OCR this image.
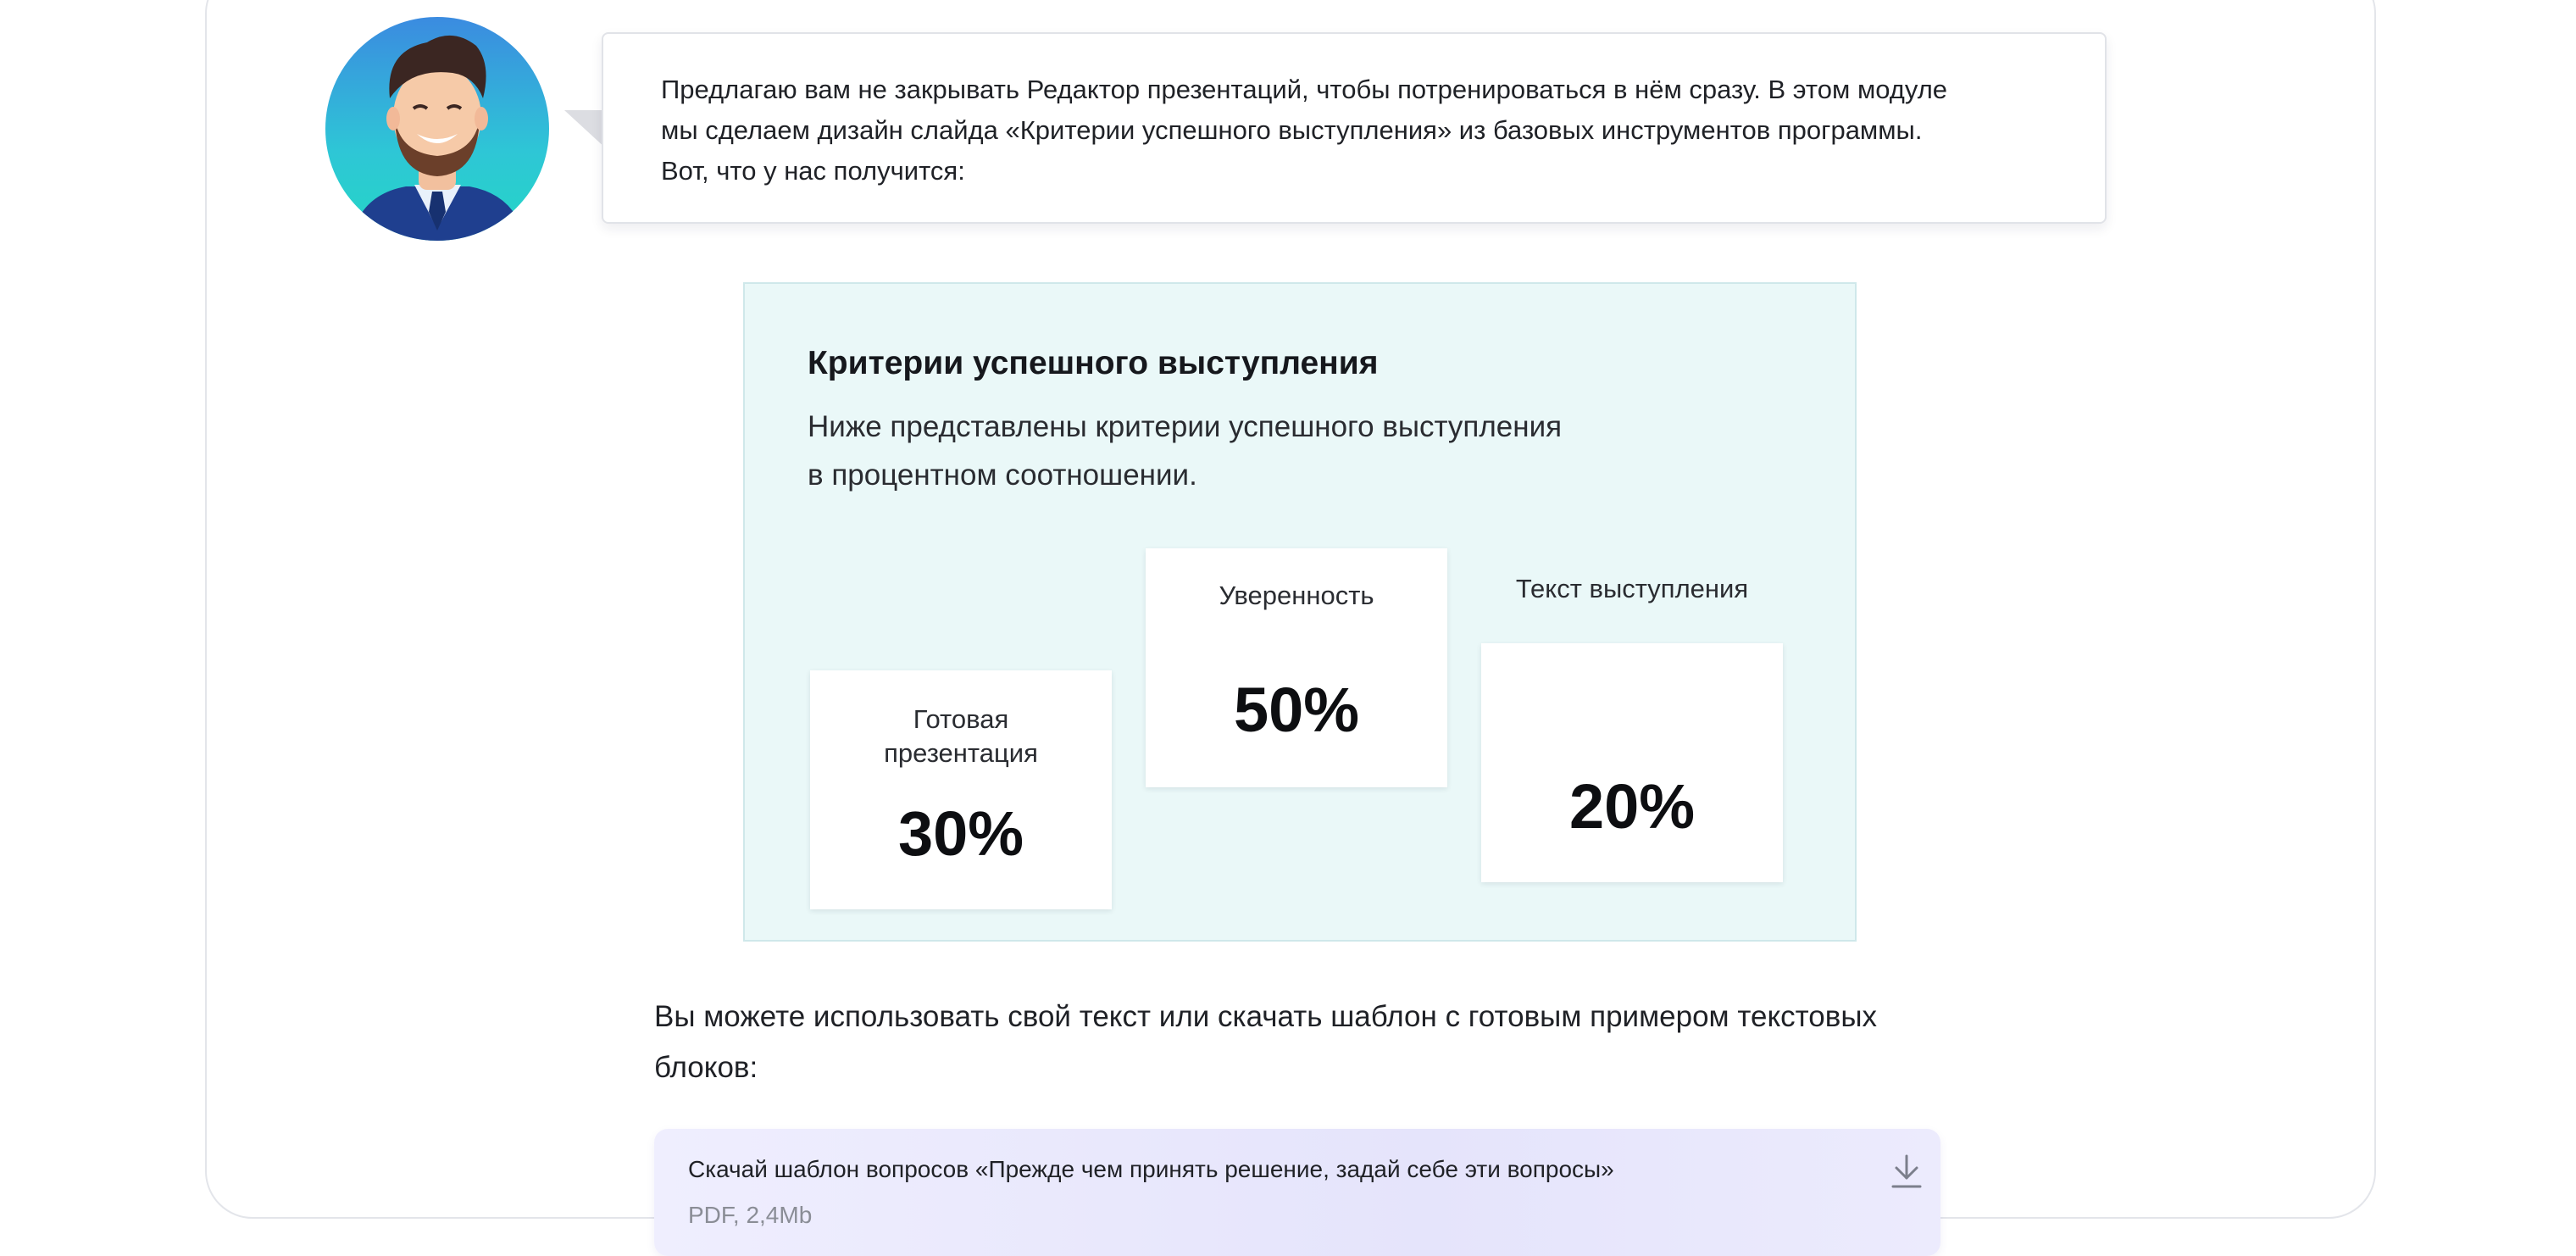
Предлагаю вам не закрывать Редактор презентаций, чтобы потренироваться в нём сразу. В этом модуле

мы сделаем дизайн слайда «Критерии успешного выступления» из базовых инструментов программы.

Вот, что у нас получится:

Критерии успешного выступления

Ниже представлены критерии успешного выступления
в процентном соотношении.
Готовая
презентация
30%
Уверенность
50%
Текст выступления
20%
Вы можете использовать свой текст или скачать шаблон с готовым примером текстовых
блоков:
Скачай шаблон вопросов «Прежде чем принять решение, задай себе эти вопросы»
PDF, 2,4Mb
